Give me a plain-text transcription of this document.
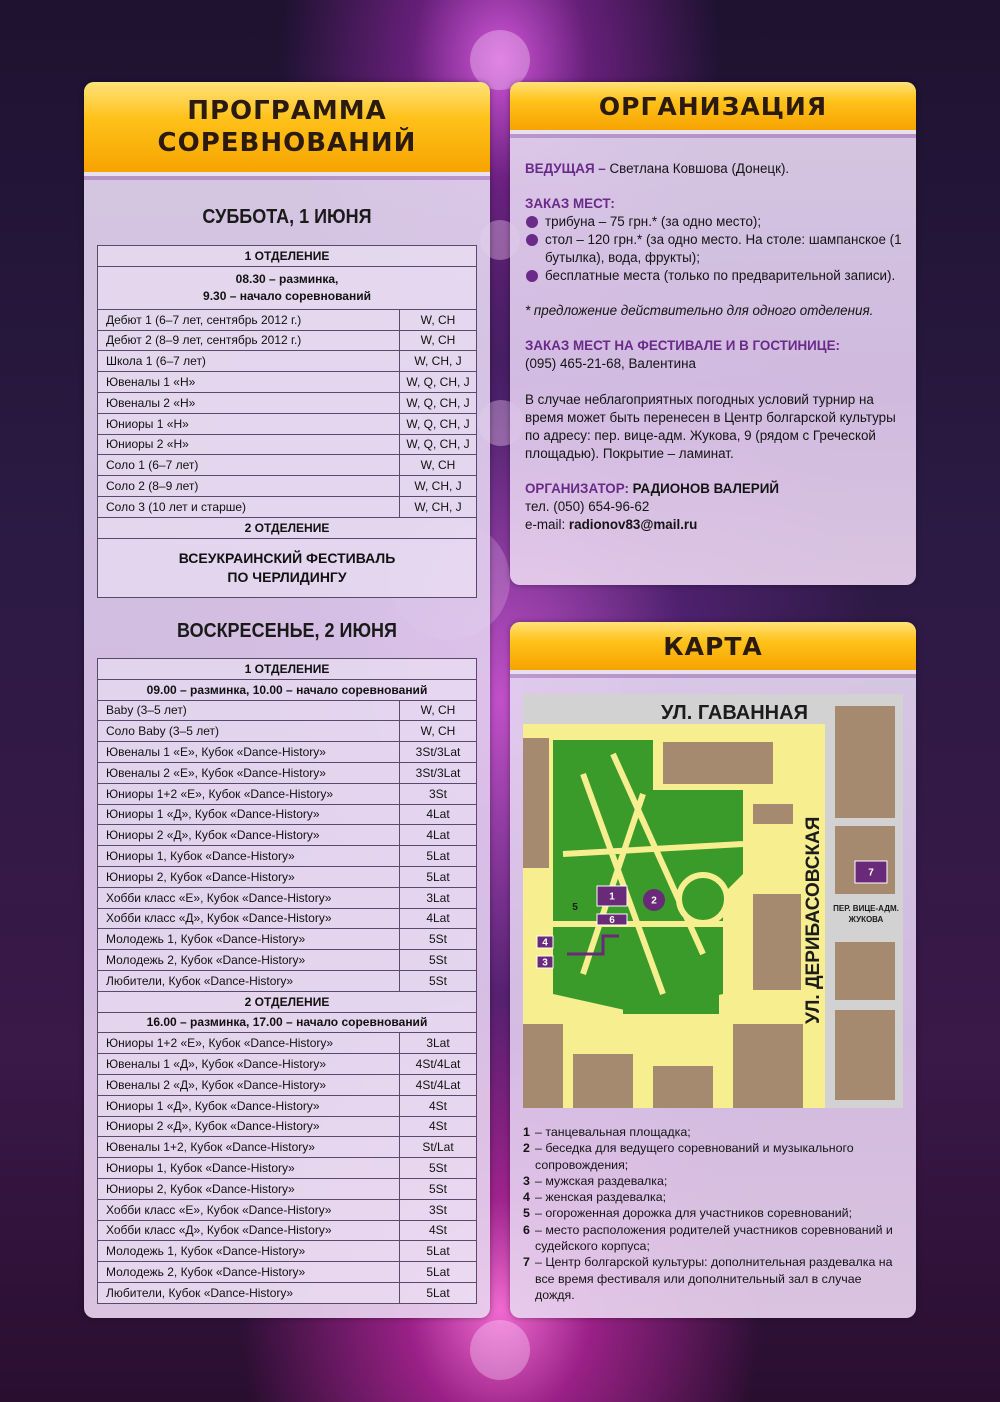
ПРОГРАММА
СОРЕВНОВАНИЙ
СУББОТА, 1 ИЮНЯ
ВОСКРЕСЕНЬЕ, 2 ИЮНЯ
1 ОТДЕЛЕНИЕ	

08.30 – разминка,
9.30 – начало соревнований	

Дебют 1 (6–7 лет, сентябрь 2012 г.)	W, CH
Дебют 2 (8–9 лет, сентябрь 2012 г.)	W, CH
Школа 1 (6–7 лет)	W, CH, J
Ювеналы 1 «Н»	W, Q, CH, J
Ювеналы 2 «Н»	W, Q, CH, J
Юниоры 1 «Н»	W, Q, CH, J
Юниоры 2 «Н»	W, Q, CH, J
Соло 1 (6–7 лет)	W, CH
Соло 2 (8–9 лет)	W, CH, J
Соло 3 (10 лет и старше)	W, CH, J
2 ОТДЕЛЕНИЕ	

ВСЕУКРАИНСКИЙ ФЕСТИВАЛЬ
ПО ЧЕРЛИДИНГУ	
1 ОТДЕЛЕНИЕ	
09.00 – разминка, 10.00 – начало соревнований	
Baby (3–5 лет)	W, CH
Соло Baby (3–5 лет)	W, CH
Ювеналы 1 «Е», Кубок «Dance-History»	3St/3Lat
Ювеналы 2 «Е», Кубок «Dance-History»	3St/3Lat
Юниоры 1+2 «Е», Кубок «Dance-History»	3St
Юниоры 1 «Д», Кубок «Dance-History»	4Lat
Юниоры 2 «Д», Кубок «Dance-History»	4Lat
Юниоры 1, Кубок «Dance-History»	5Lat
Юниоры 2, Кубок «Dance-History»	5Lat
Хобби класс «Е», Кубок «Dance-History»	3Lat
Хобби класс «Д», Кубок «Dance-History»	4Lat
Молодежь 1, Кубок «Dance-History»	5St
Молодежь 2, Кубок «Dance-History»	5St
Любители, Кубок «Dance-History»	5St
2 ОТДЕЛЕНИЕ	
16.00 – разминка, 17.00 – начало соревнований	
Юниоры 1+2 «Е», Кубок «Dance-History»	3Lat
Ювеналы 1 «Д», Кубок «Dance-History»	4St/4Lat
Ювеналы 2 «Д», Кубок «Dance-History»	4St/4Lat
Юниоры 1 «Д», Кубок «Dance-History»	4St
Юниоры 2 «Д», Кубок «Dance-History»	4St
Ювеналы 1+2, Кубок «Dance-History»	St/Lat
Юниоры 1, Кубок «Dance-History»	5St
Юниоры 2, Кубок «Dance-History»	5St
Хобби класс «Е», Кубок «Dance-History»	3St
Хобби класс «Д», Кубок «Dance-History»	4St
Молодежь 1, Кубок «Dance-History»	5Lat
Молодежь 2, Кубок «Dance-History»	5Lat
Любители, Кубок «Dance-History»	5Lat
ОРГАНИЗАЦИЯ
ВЕДУЩАЯ – Светлана Ковшова (Донецк).
ЗАКАЗ МЕСТ:
трибуна – 75 грн.* (за одно место);
стол – 120 грн.* (за одно место. На столе: шампанское (1 бутылка), вода, фрукты);
бесплатные места (только по предварительной записи).
* предложение действительно для одного отделения.
ЗАКАЗ МЕСТ НА ФЕСТИВАЛЕ И В ГОСТИНИЦЕ:
(095) 465-21-68, Валентина
В случае неблагоприятных погодных условий турнир на время может быть перенесен в Центр болгарской культуры по адресу: пер. вице-адм. Жукова, 9 (рядом с Греческой площадью). Покрытие – ламинат.
ОРГАНИЗАТОР: РАДИОНОВ ВАЛЕРИЙ
тел. (050) 654-96-62
e-mail: radionov83@mail.ru
КАРТА
1	2
3
4
5
6
7
УЛ. ГАВАННАЯ
УЛ. ДЕРИБАСОВСКАЯ ПЕР. ВИЦЕ-АДМ.
ЖУКОВА
1 – танцевальная площадка;
2 – беседка для ведущего соревнований и музыкального сопровождения;
3 – мужская раздевалка;
4 – женская раздевалка;
5 – огороженная дорожка для участников соревнований;
6 – место расположения родителей участников соревнований и судейского корпуса;
7 – Центр болгарской культуры: дополнительная раздевалка на все время фестиваля или дополнительный зал в случае дождя.
